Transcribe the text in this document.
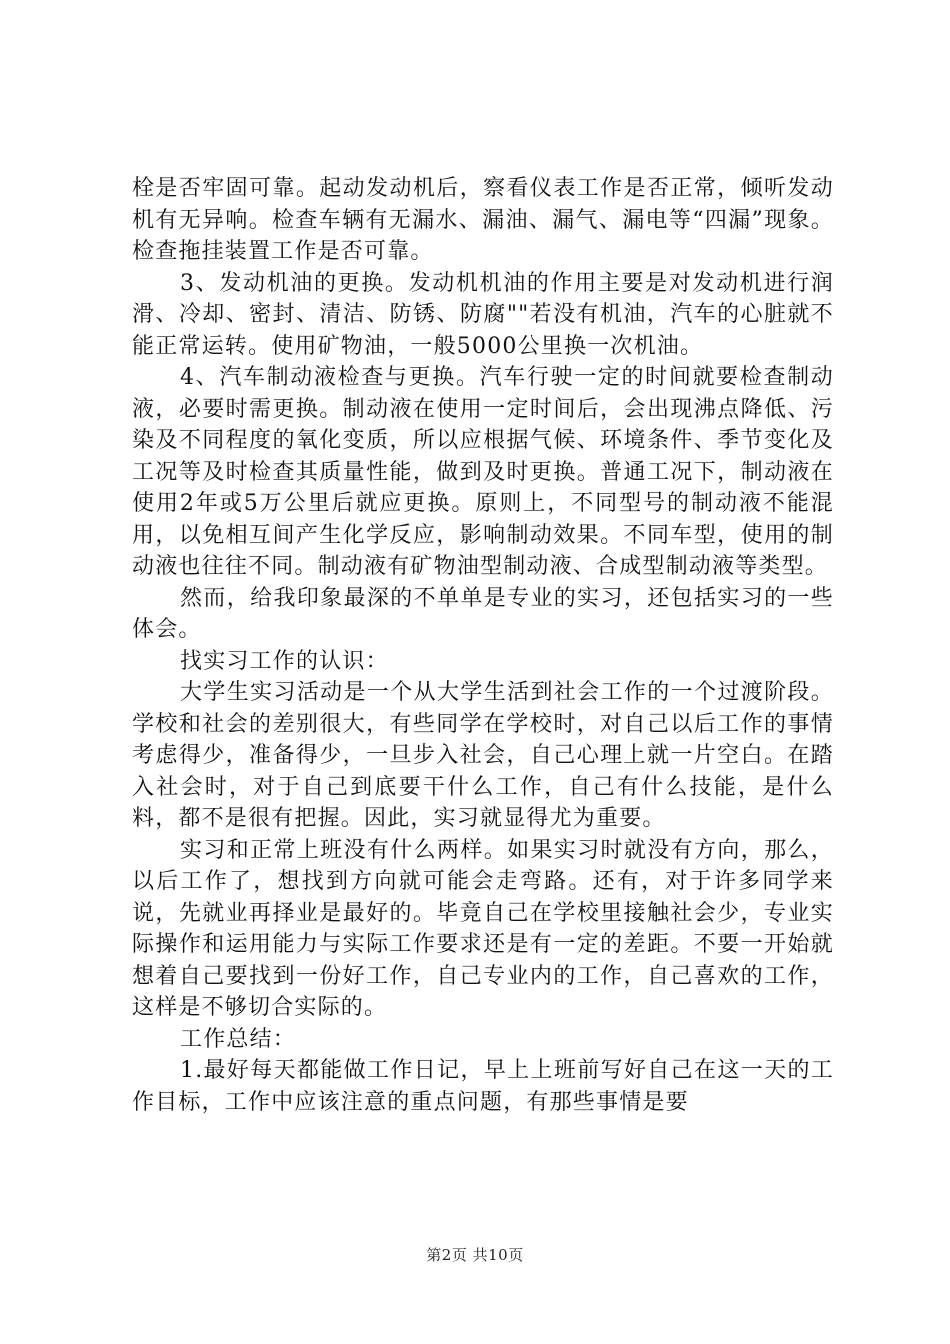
栓是否牢固可靠。起动发动机后，察看仪表工作是否正常，倾听发动机有无异响。检查车辆有无漏水、漏油、漏气、漏电等“四漏”现象。检查拖挂装置工作是否可靠。

3、发动机油的更换。发动机机油的作用主要是对发动机进行润滑、冷却、密封、清洁、防锈、防腐""若没有机油，汽车的心脏就不能正常运转。使用矿物油，一般5000公里换一次机油。

4、汽车制动液检查与更换。汽车行驶一定的时间就要检查制动液，必要时需更换。制动液在使用一定时间后，会出现沸点降低、污染及不同程度的氧化变质，所以应根据气候、环境条件、季节变化及工况等及时检查其质量性能，做到及时更换。普通工况下，制动液在使用2年或5万公里后就应更换。原则上，不同型号的制动液不能混用，以免相互间产生化学反应，影响制动效果。不同车型，使用的制动液也往往不同。制动液有矿物油型制动液、合成型制动液等类型。

然而，给我印象最深的不单单是专业的实习，还包括实习的一些体会。

找实习工作的认识：

大学生实习活动是一个从大学生活到社会工作的一个过渡阶段。学校和社会的差别很大，有些同学在学校时，对自己以后工作的事情考虑得少，准备得少，一旦步入社会，自己心理上就一片空白。在踏入社会时，对于自己到底要干什么工作，自己有什么技能，是什么料，都不是很有把握。因此，实习就显得尤为重要。

实习和正常上班没有什么两样。如果实习时就没有方向，那么，以后工作了，想找到方向就可能会走弯路。还有，对于许多同学来说，先就业再择业是最好的。毕竟自己在学校里接触社会少，专业实际操作和运用能力与实际工作要求还是有一定的差距。不要一开始就想着自己要找到一份好工作，自己专业内的工作，自己喜欢的工作，这样是不够切合实际的。

工作总结：

1.最好每天都能做工作日记，早上上班前写好自己在这一天的工作目标，工作中应该注意的重点问题，有那些事情是要

第2页 共10页
